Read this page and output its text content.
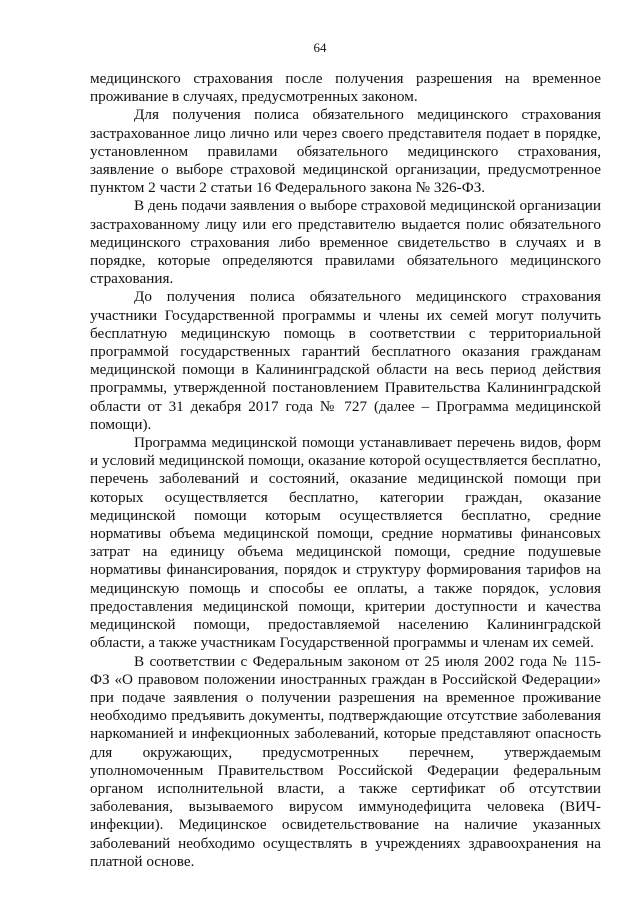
64

медицинского страхования после получения разрешения на временное проживание в случаях, предусмотренных законом.

Для получения полиса обязательного медицинского страхования застрахованное лицо лично или через своего представителя подает в порядке, установленном правилами обязательного медицинского страхования, заявление о выборе страховой медицинской организации, предусмотренное пунктом 2 части 2 статьи 16 Федерального закона № 326-ФЗ.

В день подачи заявления о выборе страховой медицинской организации застрахованному лицу или его представителю выдается полис обязательного медицинского страхования либо временное свидетельство в случаях и в порядке, которые определяются правилами обязательного медицинского страхования.

До получения полиса обязательного медицинского страхования участники Государственной программы и члены их семей могут получить бесплатную медицинскую помощь в соответствии с территориальной программой государственных гарантий бесплатного оказания гражданам медицинской помощи в Калининградской области на весь период действия программы, утвержденной постановлением Правительства Калининградской области от 31 декабря 2017 года № 727 (далее – Программа медицинской помощи).

Программа медицинской помощи устанавливает перечень видов, форм и условий медицинской помощи, оказание которой осуществляется бесплатно, перечень заболеваний и состояний, оказание медицинской помощи при которых осуществляется бесплатно, категории граждан, оказание медицинской помощи которым осуществляется бесплатно, средние нормативы объема медицинской помощи, средние нормативы финансовых затрат на единицу объема медицинской помощи, средние подушевые нормативы финансирования, порядок и структуру формирования тарифов на медицинскую помощь и способы ее оплаты, а также порядок, условия предоставления медицинской помощи, критерии доступности и качества медицинской помощи, предоставляемой населению Калининградской области, а также участникам Государственной программы и членам их семей.

В соответствии с Федеральным законом от 25 июля 2002 года № 115-ФЗ «О правовом положении иностранных граждан в Российской Федерации» при подаче заявления о получении разрешения на временное проживание необходимо предъявить документы, подтверждающие отсутствие заболевания наркоманией и инфекционных заболеваний, которые представляют опасность для окружающих, предусмотренных перечнем, утверждаемым уполномоченным Правительством Российской Федерации федеральным органом исполнительной власти, а также сертификат об отсутствии заболевания, вызываемого вирусом иммунодефицита человека (ВИЧ-инфекции). Медицинское освидетельствование на наличие указанных заболеваний необходимо осуществлять в учреждениях здравоохранения на платной основе.
